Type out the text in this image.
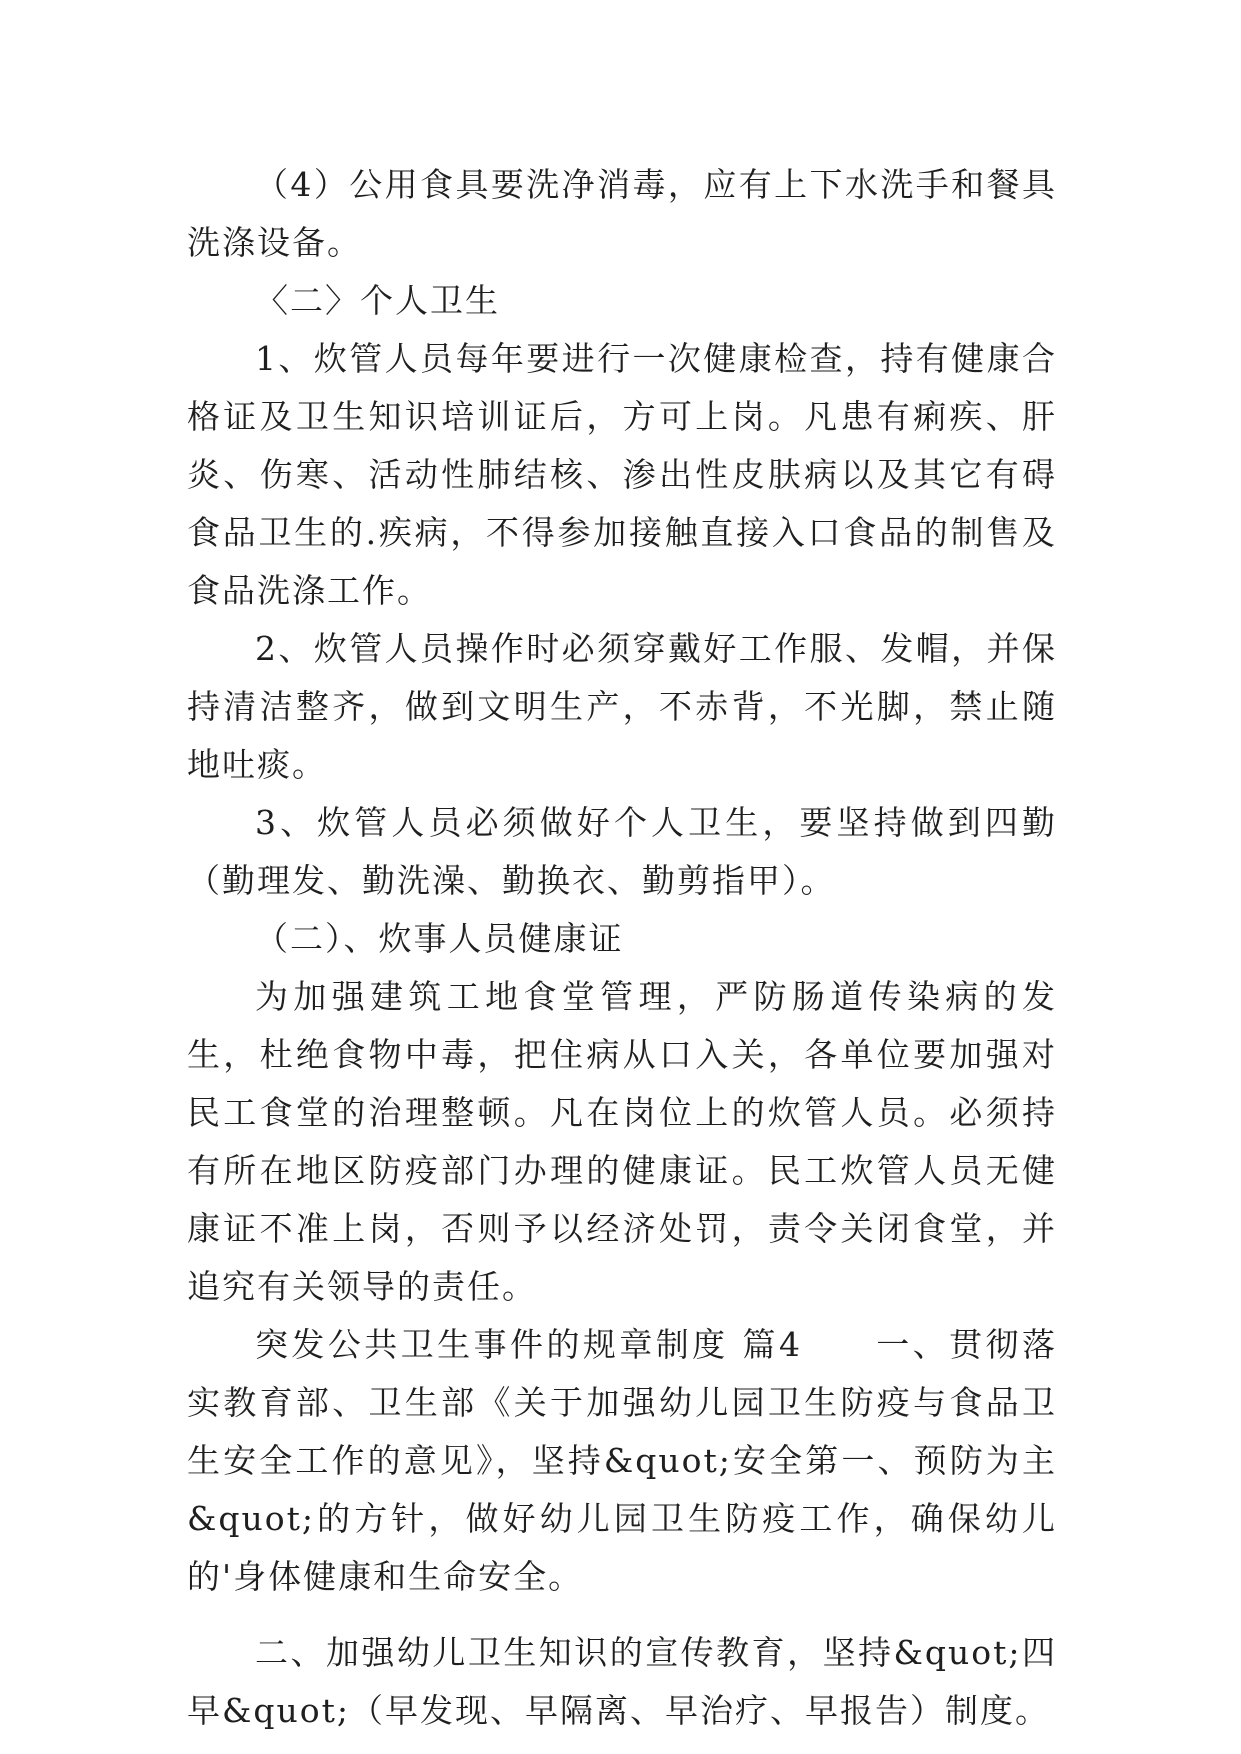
（4）公用食具要洗净消毒，应有上下水洗手和餐具洗涤设备。

〈二〉个人卫生

1、炊管人员每年要进行一次健康检查，持有健康合格证及卫生知识培训证后，方可上岗。凡患有痢疾、肝炎、伤寒、活动性肺结核、渗出性皮肤病以及其它有碍食品卫生的.疾病，不得参加接触直接入口食品的制售及食品洗涤工作。

2、炊管人员操作时必须穿戴好工作服、发帽，并保持清洁整齐，做到文明生产，不赤背，不光脚，禁止随地吐痰。

3、炊管人员必须做好个人卫生，要坚持做到四勤（勤理发、勤洗澡、勤换衣、勤剪指甲）。

（二）、炊事人员健康证

为加强建筑工地食堂管理，严防肠道传染病的发生，杜绝食物中毒，把住病从口入关，各单位要加强对民工食堂的治理整顿。凡在岗位上的炊管人员。必须持有所在地区防疫部门办理的健康证。民工炊管人员无健康证不准上岗，否则予以经济处罚，责令关闭食堂，并追究有关领导的责任。

突发公共卫生事件的规章制度 篇4　　一、贯彻落实教育部、卫生部《关于加强幼儿园卫生防疫与食品卫生安全工作的意见》，坚持&quot;安全第一、预防为主&quot;的方针，做好幼儿园卫生防疫工作，确保幼儿的'身体健康和生命安全。

二、加强幼儿卫生知识的宣传教育，坚持&quot;四早&quot;（早发现、早隔离、早治疗、早报告）制度。
